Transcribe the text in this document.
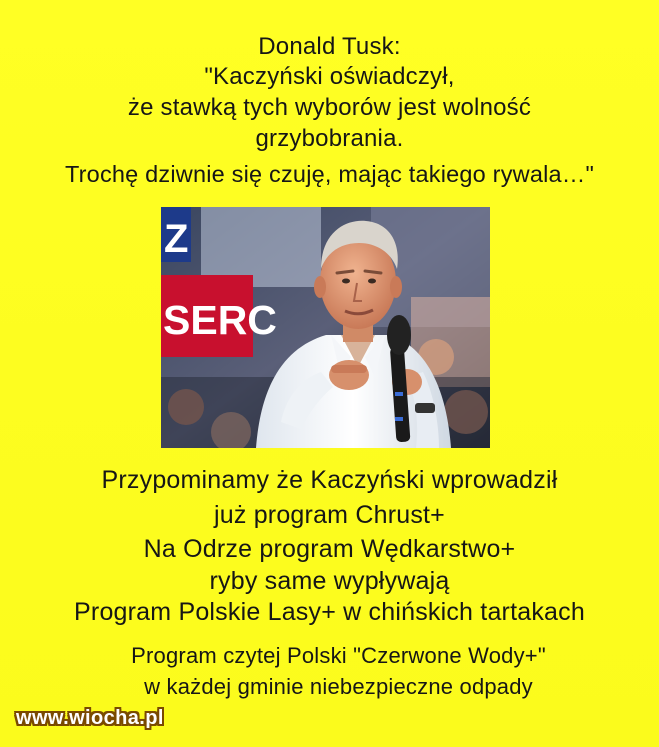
Donald Tusk:
"Kaczyński oświadczył,
że stawką tych wyborów jest wolność
grzybobrania.
Trochę dziwnie się czuję, mając takiego rywala…"
Z
SERC
Przypominamy że Kaczyński wprowadził
już program Chrust+
Na Odrze program Wędkarstwo+
ryby same wypływają
Program Polskie Lasy+ w chińskich tartakach
Program czytej Polski "Czerwone Wody+"
w każdej gminie niebezpieczne odpady
www.wiocha.pl
